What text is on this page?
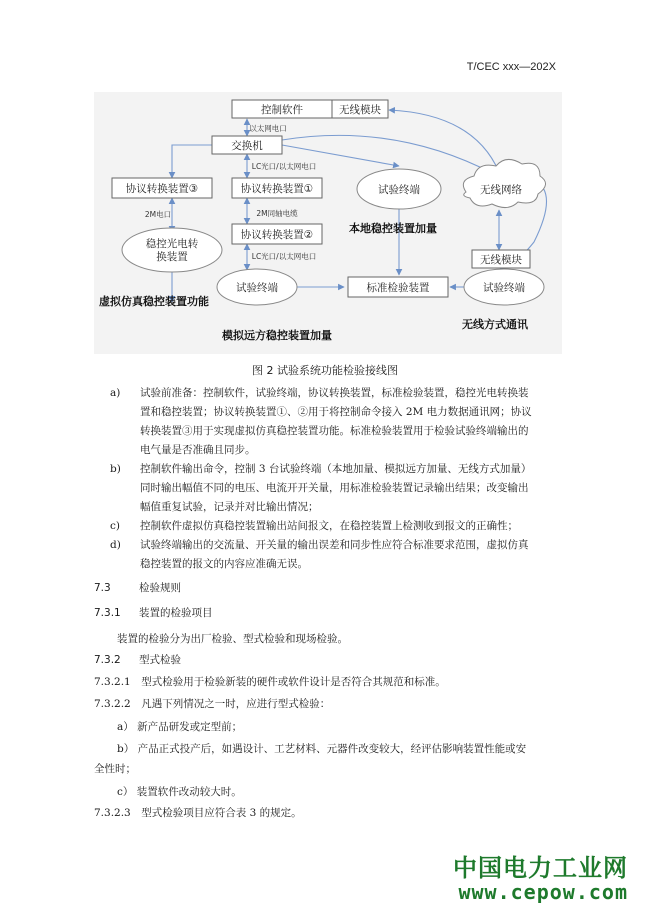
T/CEC xxx—202X
控制软件	无线模块
交换机
协议转换装置③	协议转换装置①
协议转换装置②
试验终端	无线网络
稳控光电转
换装置
试验终端	标准检验装置	试验终端
无线模块
以太网电口
LC光口/以太网电口
2M电口	2M同轴电缆
LC光口/以太网电口
本地稳控装置加量
虚拟仿真稳控装置功能
模拟远方稳控装置加量
无线方式通讯
图 2 试验系统功能检验接线图
a) 试验前准备：控制软件，试验终端，协议转换装置，标准检验装置，稳控光电转换装
置和稳控装置；协议转换装置①、②用于将控制命令接入 2M 电力数据通讯网；协议
转换装置③用于实现虚拟仿真稳控装置功能。标准检验装置用于检验试验终端输出的
电气量是否准确且同步。
b) 控制软件输出命令，控制 3 台试验终端（本地加量、模拟远方加量、无线方式加量）
同时输出幅值不同的电压、电流开开关量，用标准检验装置记录输出结果；改变输出
幅值重复试验，记录并对比输出情况；
c) 控制软件虚拟仿真稳控装置输出站间报文，在稳控装置上检测收到报文的正确性；
d) 试验终端输出的交流量、开关量的输出误差和同步性应符合标准要求范围，虚拟仿真
稳控装置的报文的内容应准确无误。
7.3	检验规则
7.3.1 装置的检验项目
装置的检验分为出厂检验、型式检验和现场检验。
7.3.2 型式检验
7.3.2.1　型式检验用于检验新装的硬件或软件设计是否符合其规范和标准。
7.3.2.2　凡遇下列情况之一时，应进行型式检验：
a） 新产品研发或定型前；
b） 产品正式投产后，如遇设计、工艺材料、元器件改变较大，经评估影响装置性能或安
全性时；
c） 装置软件改动较大时。
7.3.2.3　型式检验项目应符合表 3 的规定。
中国电力工业网
www.cepow.com
